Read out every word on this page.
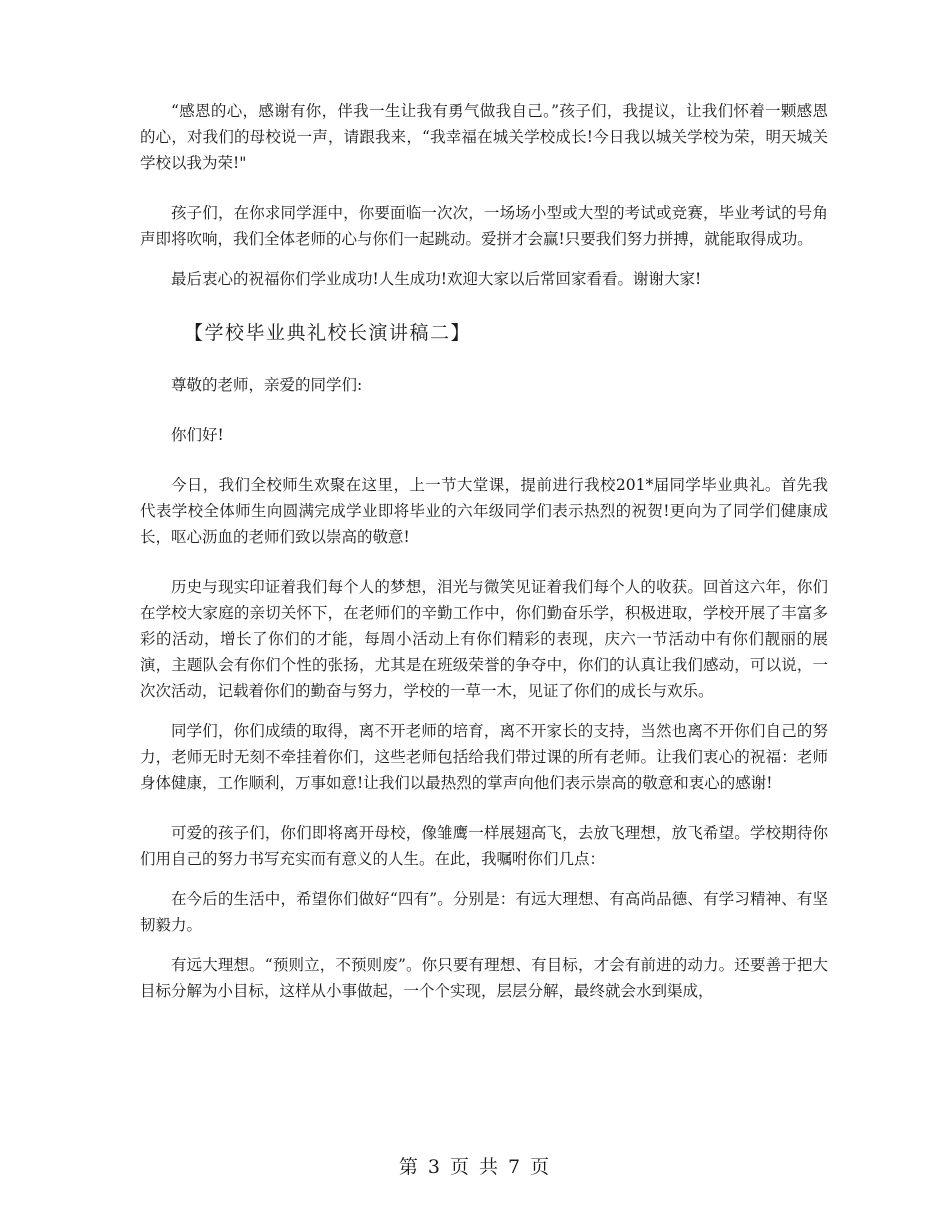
“感恩的心，感谢有你，伴我一生让我有勇气做我自己。”孩子们，我提议，让我们怀着一颗感恩的心，对我们的母校说一声，请跟我来，“我幸福在城关学校成长!今日我以城关学校为荣，明天城关学校以我为荣!"

孩子们，在你求同学涯中，你要面临一次次，一场场小型或大型的考试或竞赛，毕业考试的号角声即将吹响，我们全体老师的心与你们一起跳动。爱拼才会赢!只要我们努力拼搏，就能取得成功。

最后衷心的祝福你们学业成功!人生成功!欢迎大家以后常回家看看。谢谢大家!

【学校毕业典礼校长演讲稿二】

尊敬的老师，亲爱的同学们:

你们好!

今日，我们全校师生欢聚在这里，上一节大堂课，提前进行我校201*届同学毕业典礼。首先我代表学校全体师生向圆满完成学业即将毕业的六年级同学们表示热烈的祝贺!更向为了同学们健康成长，呕心沥血的老师们致以崇高的敬意!

历史与现实印证着我们每个人的梦想，泪光与微笑见证着我们每个人的收获。回首这六年，你们在学校大家庭的亲切关怀下，在老师们的辛勤工作中，你们勤奋乐学，积极进取，学校开展了丰富多彩的活动，增长了你们的才能，每周小活动上有你们精彩的表现，庆六一节活动中有你们靓丽的展演，主题队会有你们个性的张扬，尤其是在班级荣誉的争夺中，你们的认真让我们感动，可以说，一次次活动，记载着你们的勤奋与努力，学校的一草一木，见证了你们的成长与欢乐。

同学们，你们成绩的取得，离不开老师的培育，离不开家长的支持，当然也离不开你们自己的努力，老师无时无刻不牵挂着你们，这些老师包括给我们带过课的所有老师。让我们衷心的祝福：老师身体健康，工作顺利，万事如意!让我们以最热烈的掌声向他们表示崇高的敬意和衷心的感谢!

可爱的孩子们，你们即将离开母校，像雏鹰一样展翅高飞，去放飞理想，放飞希望。学校期待你们用自己的努力书写充实而有意义的人生。在此，我嘱咐你们几点：

在今后的生活中，希望你们做好“四有”。分别是：有远大理想、有高尚品德、有学习精神、有坚韧毅力。

有远大理想。“预则立，不预则废”。你只要有理想、有目标，才会有前进的动力。还要善于把大目标分解为小目标，这样从小事做起，一个个实现，层层分解，最终就会水到渠成，

第 3 页 共 7 页
